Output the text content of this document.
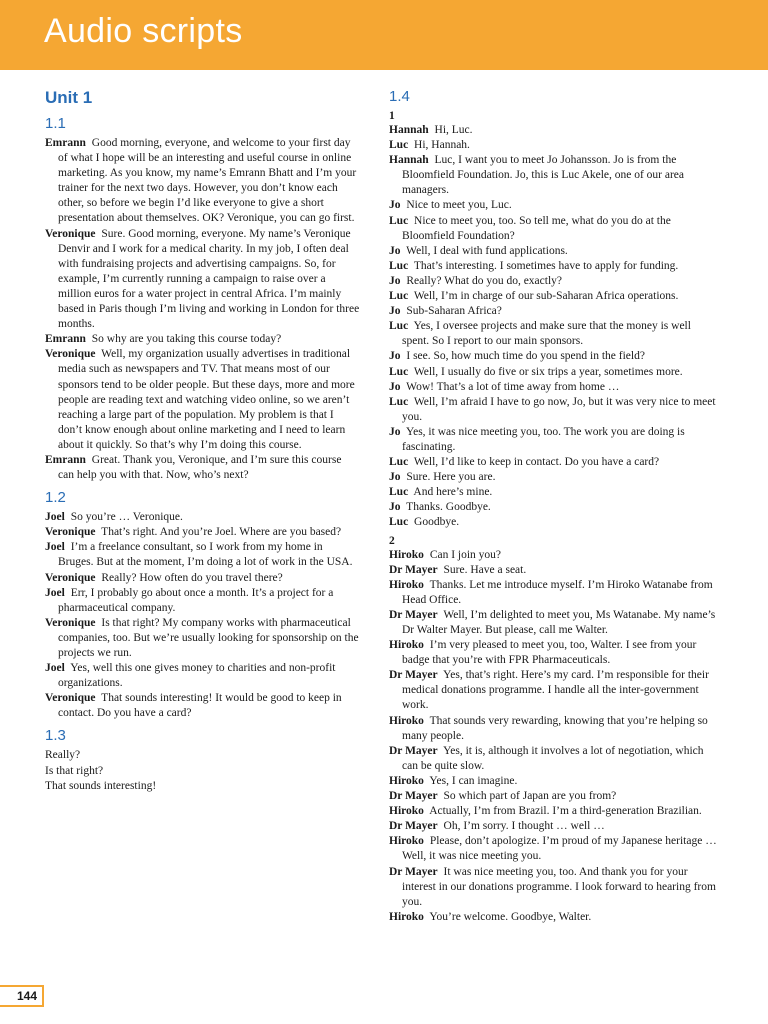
Audio scripts
Unit 1
1.1

Emrann Good morning, everyone, and welcome to your first day of what I hope will be an interesting and useful course in online marketing. As you know, my name’s Emrann Bhatt and I’m your trainer for the next two days. However, you don’t know each other, so before we begin I’d like everyone to give a short presentation about themselves. OK? Veronique, you can go first.

Veronique Sure. Good morning, everyone. My name’s Veronique Denvir and I work for a medical charity. In my job, I often deal with fundraising projects and advertising campaigns. So, for example, I’m currently running a campaign to raise over a million euros for a water project in central Africa. I’m mainly based in Paris though I’m living and working in London for three months.

Emrann So why are you taking this course today?

Veronique Well, my organization usually advertises in traditional media such as newspapers and TV. That means most of our sponsors tend to be older people. But these days, more and more people are reading text and watching video online, so we aren’t reaching a large part of the population. My problem is that I don’t know enough about online marketing and I need to learn about it quickly. So that’s why I’m doing this course.

Emrann Great. Thank you, Veronique, and I’m sure this course can help you with that. Now, who’s next?

1.2

Joel So you’re … Veronique.

Veronique That’s right. And you’re Joel. Where are you based?

Joel I’m a freelance consultant, so I work from my home in Bruges. But at the moment, I’m doing a lot of work in the USA.

Veronique Really? How often do you travel there?

Joel Err, I probably go about once a month. It’s a project for a pharmaceutical company.

Veronique Is that right? My company works with pharmaceutical companies, too. But we’re usually looking for sponsorship on the projects we run.

Joel Yes, well this one gives money to charities and non-profit organizations.

Veronique That sounds interesting! It would be good to keep in contact. Do you have a card?

1.3

Really?

Is that right?

That sounds interesting!

1.4
1

Hannah Hi, Luc.

Luc Hi, Hannah.

Hannah Luc, I want you to meet Jo Johansson. Jo is from the Bloomfield Foundation. Jo, this is Luc Akele, one of our area managers.

Jo Nice to meet you, Luc.

Luc Nice to meet you, too. So tell me, what do you do at the Bloomfield Foundation?

Jo Well, I deal with fund applications.

Luc That’s interesting. I sometimes have to apply for funding.

Jo Really? What do you do, exactly?

Luc Well, I’m in charge of our sub-Saharan Africa operations.

Jo Sub-Saharan Africa?

Luc Yes, I oversee projects and make sure that the money is well spent. So I report to our main sponsors.

Jo I see. So, how much time do you spend in the field?

Luc Well, I usually do five or six trips a year, sometimes more.

Jo Wow! That’s a lot of time away from home …

Luc Well, I’m afraid I have to go now, Jo, but it was very nice to meet you.

Jo Yes, it was nice meeting you, too. The work you are doing is fascinating.

Luc Well, I’d like to keep in contact. Do you have a card?

Jo Sure. Here you are.

Luc And here’s mine.

Jo Thanks. Goodbye.

Luc Goodbye.

2

Hiroko Can I join you?

Dr Mayer Sure. Have a seat.

Hiroko Thanks. Let me introduce myself. I’m Hiroko Watanabe from Head Office.

Dr Mayer Well, I’m delighted to meet you, Ms Watanabe. My name’s Dr Walter Mayer. But please, call me Walter.

Hiroko I’m very pleased to meet you, too, Walter. I see from your badge that you’re with FPR Pharmaceuticals.

Dr Mayer Yes, that’s right. Here’s my card. I’m responsible for their medical donations programme. I handle all the inter-government work.

Hiroko That sounds very rewarding, knowing that you’re helping so many people.

Dr Mayer Yes, it is, although it involves a lot of negotiation, which can be quite slow.

Hiroko Yes, I can imagine.

Dr Mayer So which part of Japan are you from?

Hiroko Actually, I’m from Brazil. I’m a third-generation Brazilian.

Dr Mayer Oh, I’m sorry. I thought … well …

Hiroko Please, don’t apologize. I’m proud of my Japanese heritage … Well, it was nice meeting you.

Dr Mayer It was nice meeting you, too. And thank you for your interest in our donations programme. I look forward to hearing from you.

Hiroko You’re welcome. Goodbye, Walter.

144
